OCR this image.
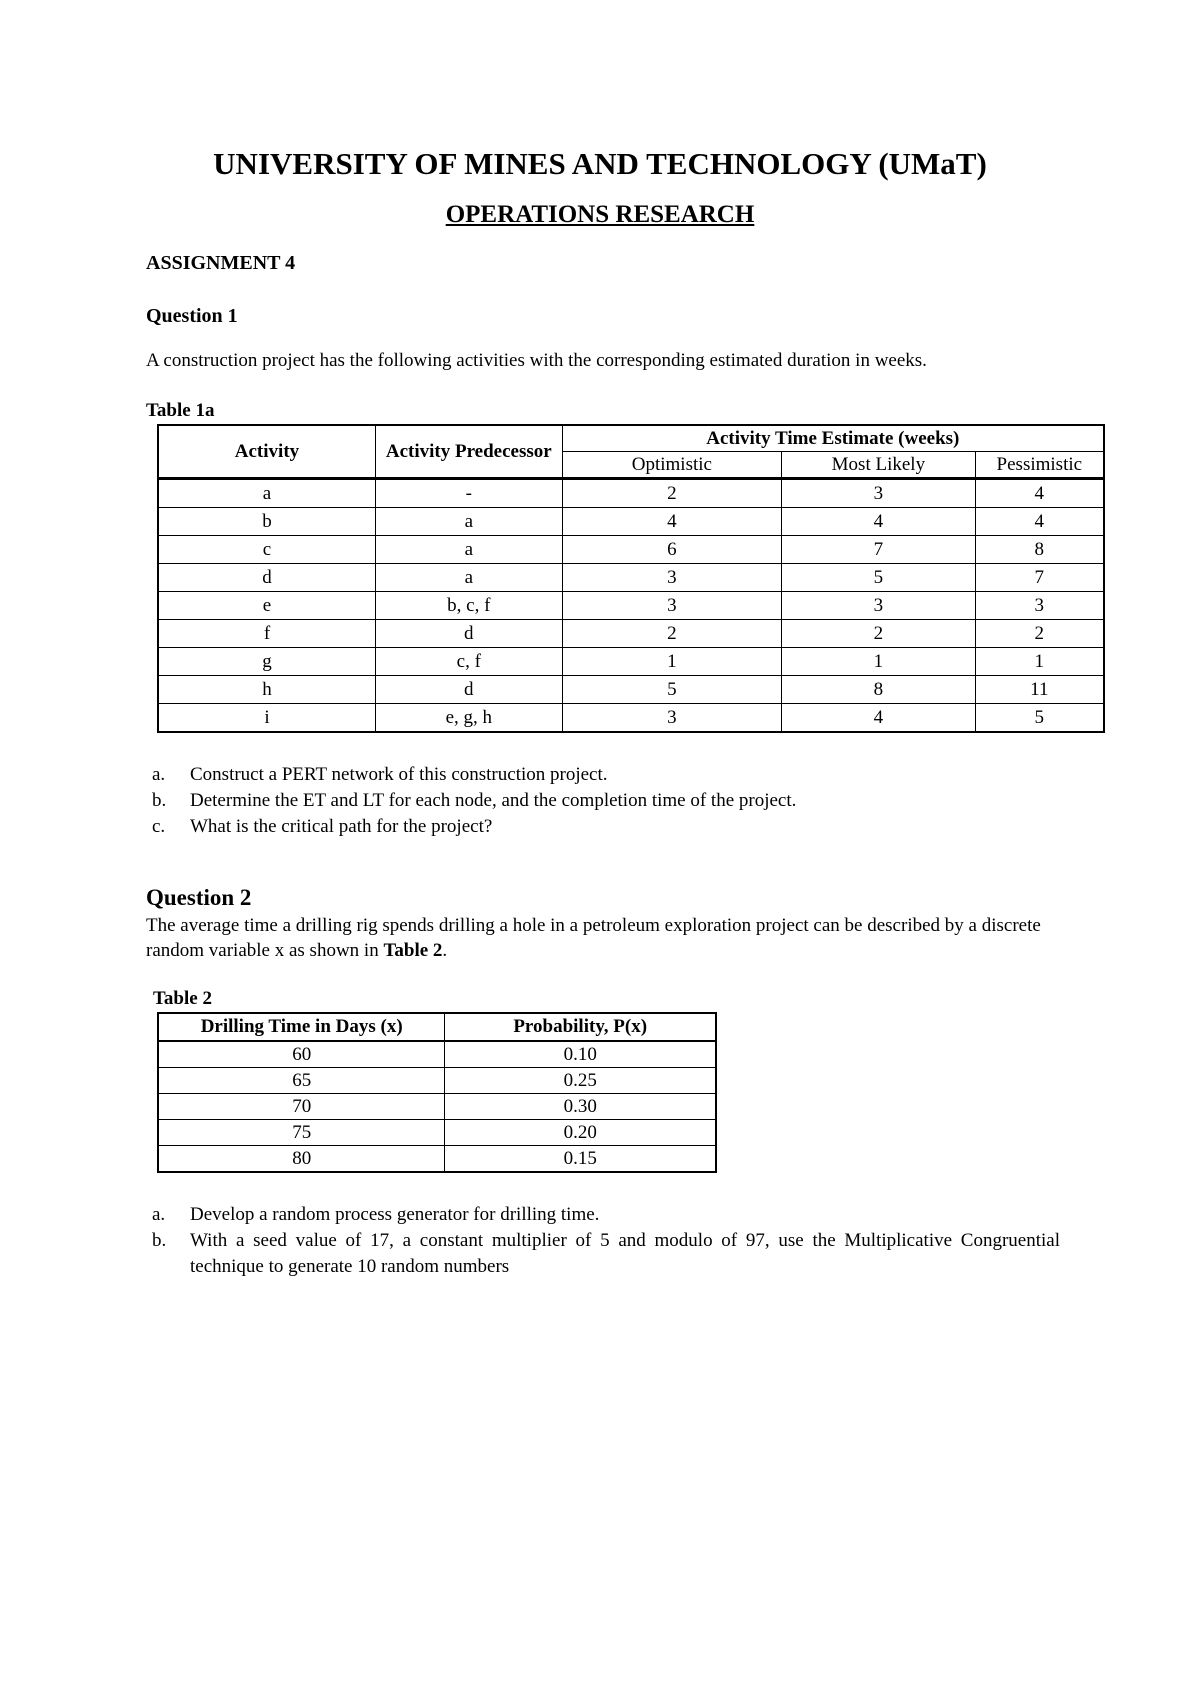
UNIVERSITY OF MINES AND TECHNOLOGY (UMaT)
OPERATIONS RESEARCH
ASSIGNMENT 4
Question 1
A construction project has the following activities with the corresponding estimated duration in weeks.
Table 1a
Activity	Activity Predecessor	Activity Time Estimate (weeks)		
		Optimistic	Most Likely	Pessimistic
a	-	2	3	4
b	a	4	4	4
c	a	6	7	8
d	a	3	5	7
e	b, c, f	3	3	3
f	d	2	2	2
g	c, f	1	1	1
h	d	5	8	11
i	e, g, h	3	4	5
a. Construct a PERT network of this construction project.
b. Determine the ET and LT for each node, and the completion time of the project.
c. What is the critical path for the project?
Question 2
The average time a drilling rig spends drilling a hole in a petroleum exploration project can be described by a discrete random variable x as shown in Table 2.
Table 2
Drilling Time in Days (x)	Probability, P(x)
60	0.10
65	0.25
70	0.30
75	0.20
80	0.15
a. Develop a random process generator for drilling time.
b. With a seed value of 17, a constant multiplier of 5 and modulo of 97, use the Multiplicative Congruential technique to generate 10 random numbers
